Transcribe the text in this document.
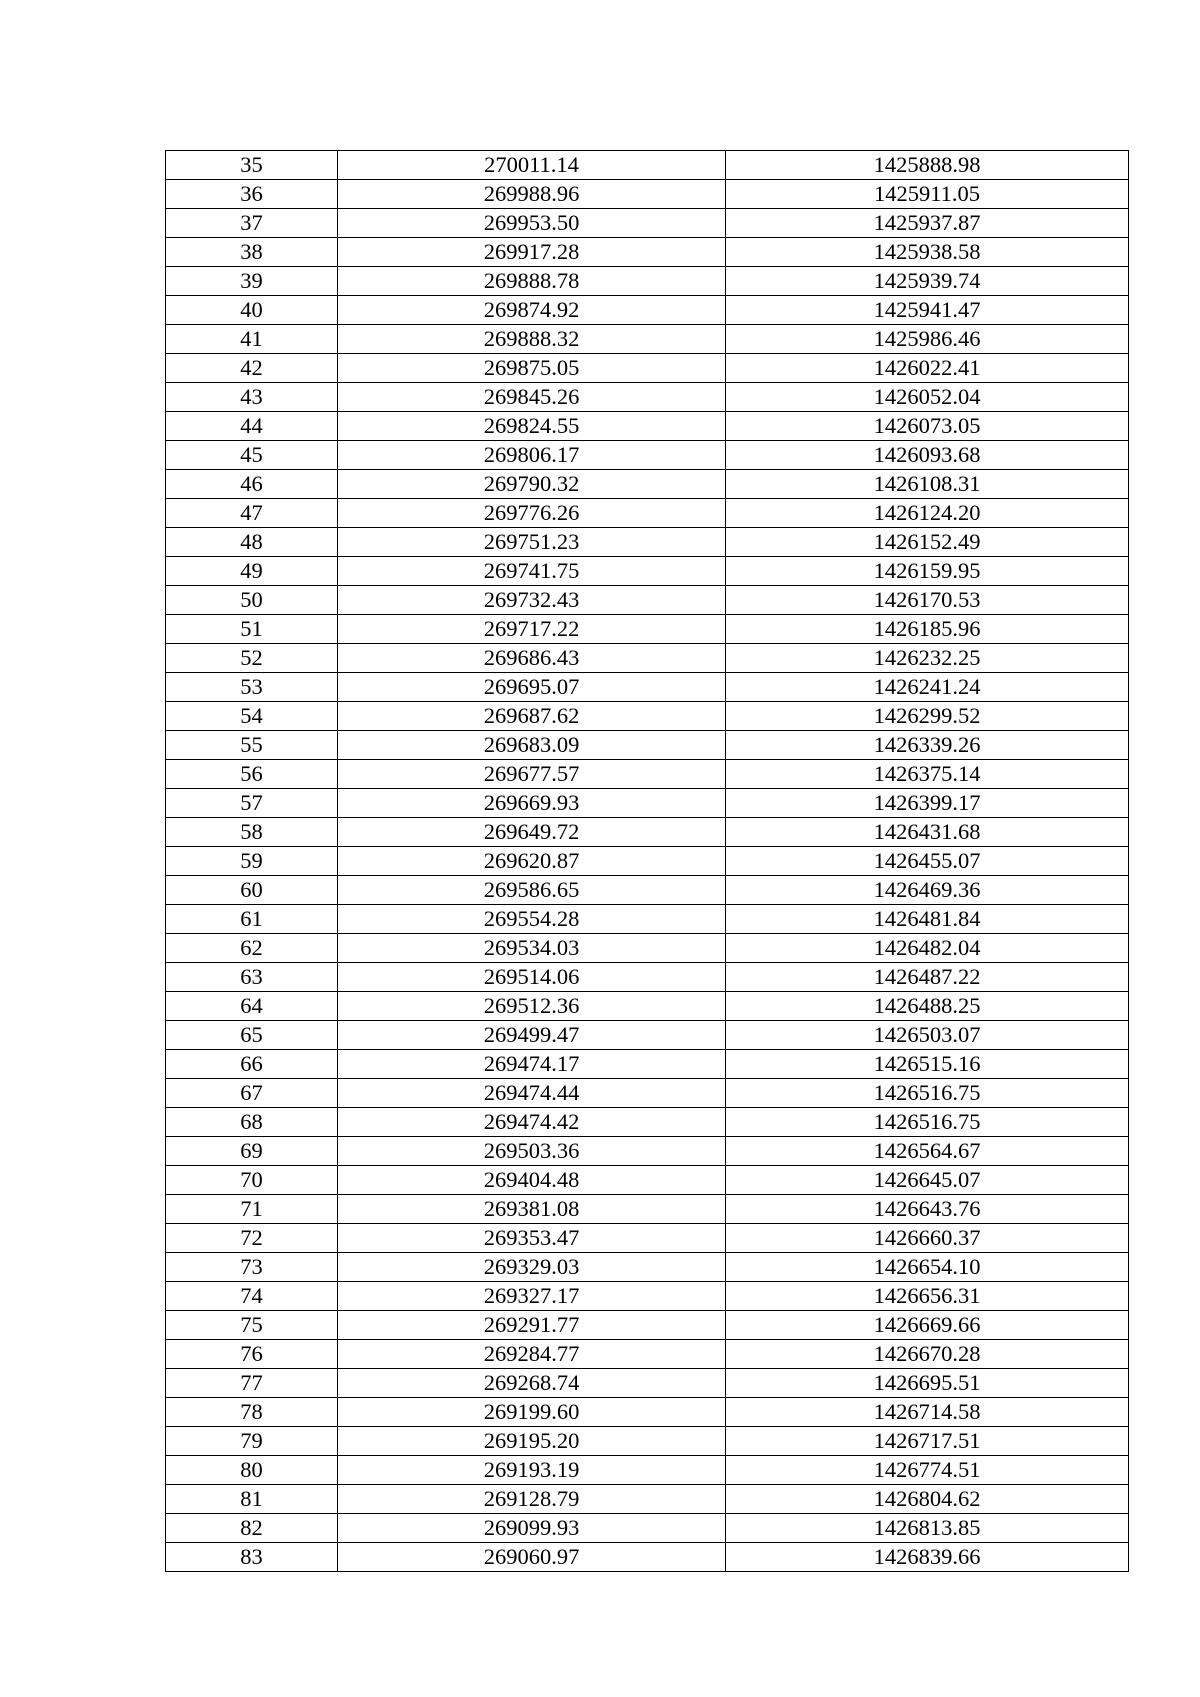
35	270011.14	1425888.98
36	269988.96	1425911.05
37	269953.50	1425937.87
38	269917.28	1425938.58
39	269888.78	1425939.74
40	269874.92	1425941.47
41	269888.32	1425986.46
42	269875.05	1426022.41
43	269845.26	1426052.04
44	269824.55	1426073.05
45	269806.17	1426093.68
46	269790.32	1426108.31
47	269776.26	1426124.20
48	269751.23	1426152.49
49	269741.75	1426159.95
50	269732.43	1426170.53
51	269717.22	1426185.96
52	269686.43	1426232.25
53	269695.07	1426241.24
54	269687.62	1426299.52
55	269683.09	1426339.26
56	269677.57	1426375.14
57	269669.93	1426399.17
58	269649.72	1426431.68
59	269620.87	1426455.07
60	269586.65	1426469.36
61	269554.28	1426481.84
62	269534.03	1426482.04
63	269514.06	1426487.22
64	269512.36	1426488.25
65	269499.47	1426503.07
66	269474.17	1426515.16
67	269474.44	1426516.75
68	269474.42	1426516.75
69	269503.36	1426564.67
70	269404.48	1426645.07
71	269381.08	1426643.76
72	269353.47	1426660.37
73	269329.03	1426654.10
74	269327.17	1426656.31
75	269291.77	1426669.66
76	269284.77	1426670.28
77	269268.74	1426695.51
78	269199.60	1426714.58
79	269195.20	1426717.51
80	269193.19	1426774.51
81	269128.79	1426804.62
82	269099.93	1426813.85
83	269060.97	1426839.66
